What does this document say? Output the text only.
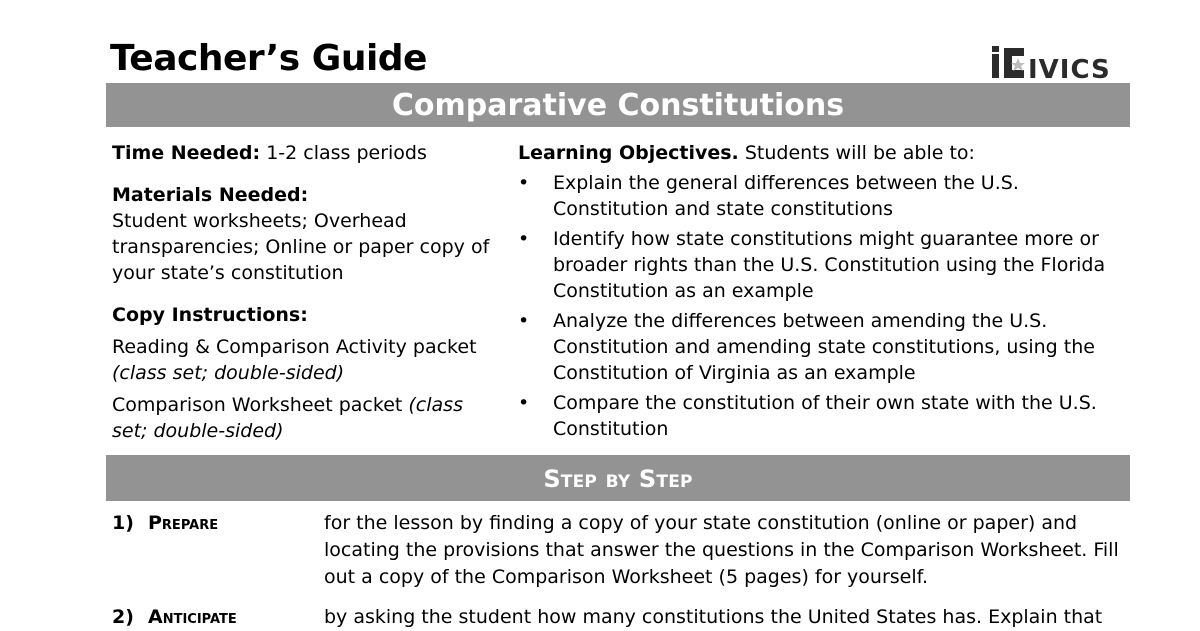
Teacher’s Guide	IVICS
Comparative Constitutions

Time Needed: 1-2 class periods

Materials Needed:

Student worksheets; Overhead transparencies; Online or paper copy of your state’s constitution

Copy Instructions:

Reading & Comparison Activity packet
(class set; double-sided)

Comparison Worksheet packet (class set; double-sided)

Learning Objectives. Students will be able to:

• Explain the general differences between the U.S. Constitution and state constitutions
• Identify how state constitutions might guarantee more or broader rights than the U.S. Constitution using the Florida Constitution as an example
• Analyze the differences between amending the U.S. Constitution and amending state constitutions, using the Constitution of Virginia as an example
• Compare the constitution of their own state with the U.S. Constitution
Step by Step
1) Prepare	for the lesson by finding a copy of your state constitution (online or paper) and locating the provisions that answer the questions in the Comparison Worksheet. Fill out a copy of the Comparison Worksheet (5 pages) for yourself.
2) Anticipate	by asking the student how many constitutions the United States has. Explain that
